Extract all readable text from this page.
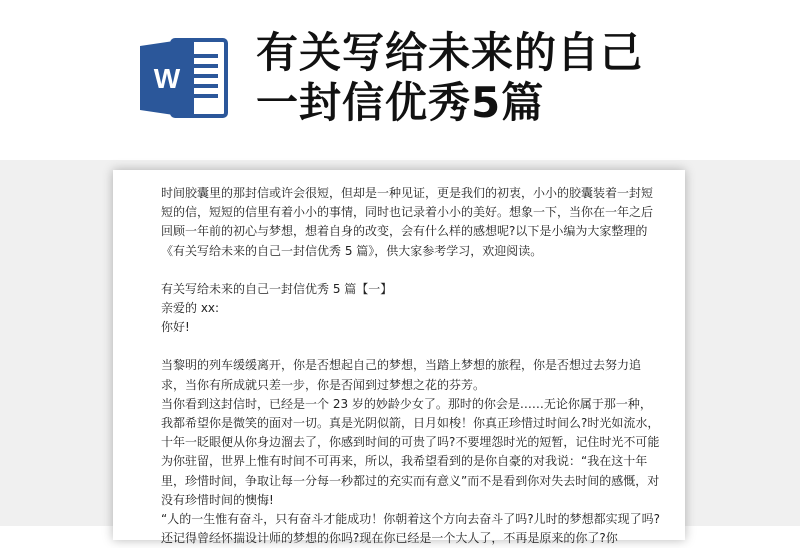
W
有关写给未来的自己
一封信优秀5篇

时间胶囊里的那封信或许会很短，但却是一种见证，更是我们的初衷，小小的胶囊装着一封短短的信，短短的信里有着小小的事情，同时也记录着小小的美好。想象一下，当你在一年之后回顾一年前的初心与梦想，想着自身的改变，会有什么样的感想呢?以下是小编为大家整理的《有关写给未来的自己一封信优秀 5 篇》，供大家参考学习，欢迎阅读。

有关写给未来的自己一封信优秀 5 篇【一】

亲爱的 xx:

你好!

当黎明的列车缓缓离开，你是否想起自己的梦想，当踏上梦想的旅程，你是否想过去努力追求，当你有所成就只差一步，你是否闻到过梦想之花的芬芳。

当你看到这封信时，已经是一个 23 岁的妙龄少女了。那时的你会是……无论你属于那一种，我都希望你是微笑的面对一切。真是光阴似箭，日月如梭！你真正珍惜过时间么?时光如流水，十年一眨眼便从你身边溜去了，你感到时间的可贵了吗?不要埋怨时光的短暂，记住时光不可能为你驻留，世界上惟有时间不可再来，所以，我希望看到的是你自豪的对我说：“我在这十年里，珍惜时间，争取让每一分每一秒都过的充实而有意义”而不是看到你对失去时间的感慨，对没有珍惜时间的懊悔!

“人的一生惟有奋斗，只有奋斗才能成功！你朝着这个方向去奋斗了吗?儿时的梦想都实现了吗?还记得曾经怀揣设计师的梦想的你吗?现在你已经是一个大人了，不再是原来的你了?你
